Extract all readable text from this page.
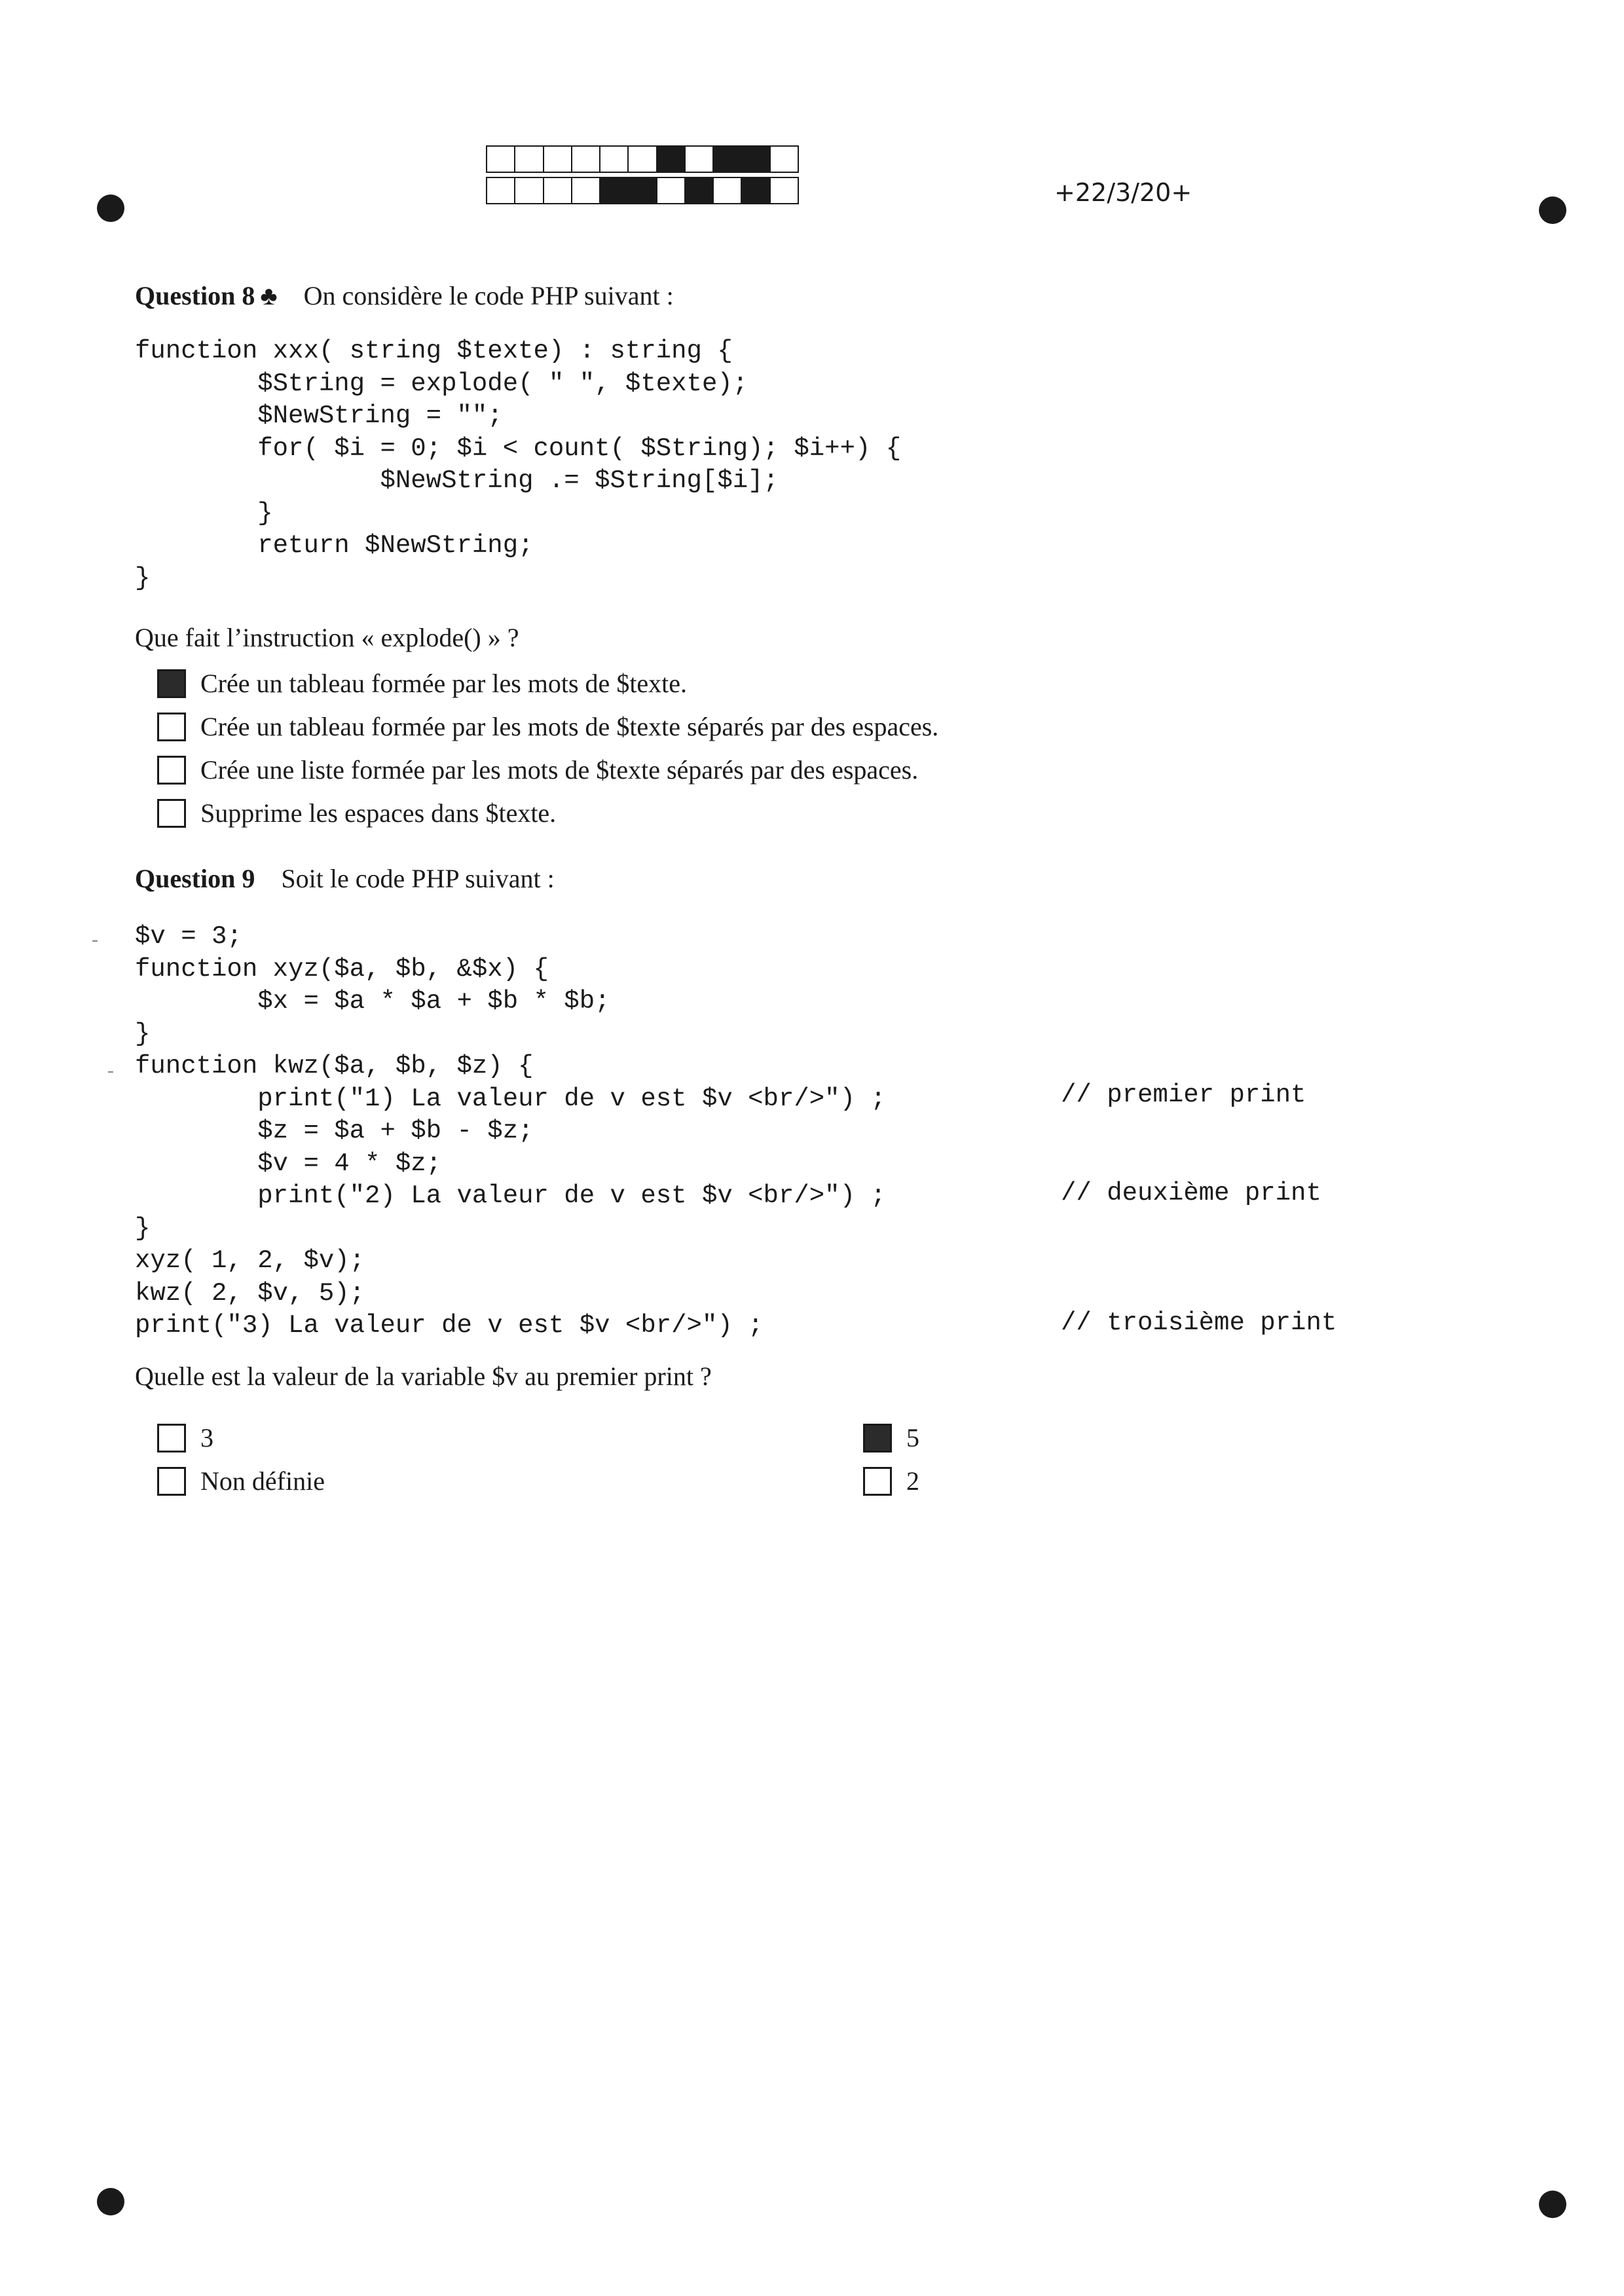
+22/3/20+
Question 8 ♣ On considère le code PHP suivant :
function xxx( string $texte) : string {
$String = explode( " ", $texte);
$NewString = "";
for( $i = 0; $i < count( $String); $i++) {
$NewString .= $String[$i];
}
return $NewString;
}
Que fait l’instruction « explode() » ?
Crée un tableau formée par les mots de $texte.
Crée un tableau formée par les mots de $texte séparés par des espaces.
Crée une liste formée par les mots de $texte séparés par des espaces.
Supprime les espaces dans $texte.
Question 9 Soit le code PHP suivant :
-
-
$v = 3;
function xyz($a, $b, &$x) {
$x = $a * $a + $b * $b;
}
function kwz($a, $b, $z) {
print("1) La valeur de v est $v <br/>") ;
$z = $a + $b - $z;
$v = 4 * $z;
print("2) La valeur de v est $v <br/>") ;
}
xyz( 1, 2, $v);
kwz( 2, $v, 5);
print("3) La valeur de v est $v <br/>") ;
// premier print
// deuxième print
// troisième print
Quelle est la valeur de la variable $v au premier print ?
3	5
Non définie	2
